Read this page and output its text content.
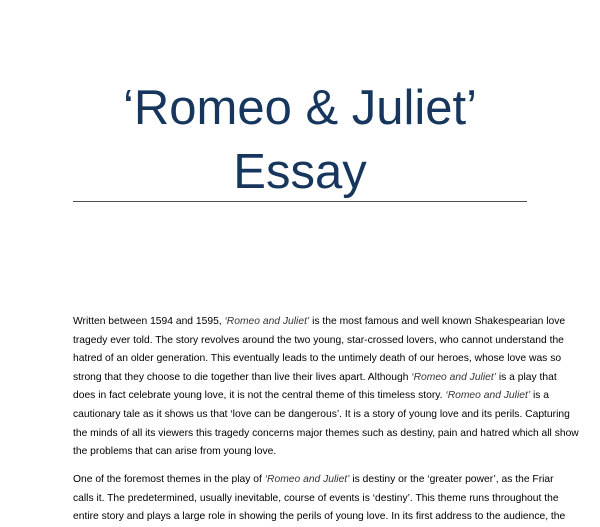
‘Romeo & Juliet’
Essay
Written between 1594 and 1595, ‘Romeo and Juliet’ is the most famous and well known Shakespearian love
tragedy ever told. The story revolves around the two young, star-crossed lovers, who cannot understand the
hatred of an older generation. This eventually leads to the untimely death of our heroes, whose love was so
strong that they choose to die together than live their lives apart. Although ‘Romeo and Juliet’ is a play that
does in fact celebrate young love, it is not the central theme of this timeless story. ‘Romeo and Juliet’ is a
cautionary tale as it shows us that ‘love can be dangerous’. It is a story of young love and its perils. Capturing
the minds of all its viewers this tragedy concerns major themes such as destiny, pain and hatred which all show
the problems that can arise from young love.
One of the foremost themes in the play of ‘Romeo and Juliet’ is destiny or the ‘greater power’, as the Friar
calls it. The predetermined, usually inevitable, course of events is ‘destiny’. This theme runs throughout the
entire story and plays a large role in showing the perils of young love. In its first address to the audience, the
